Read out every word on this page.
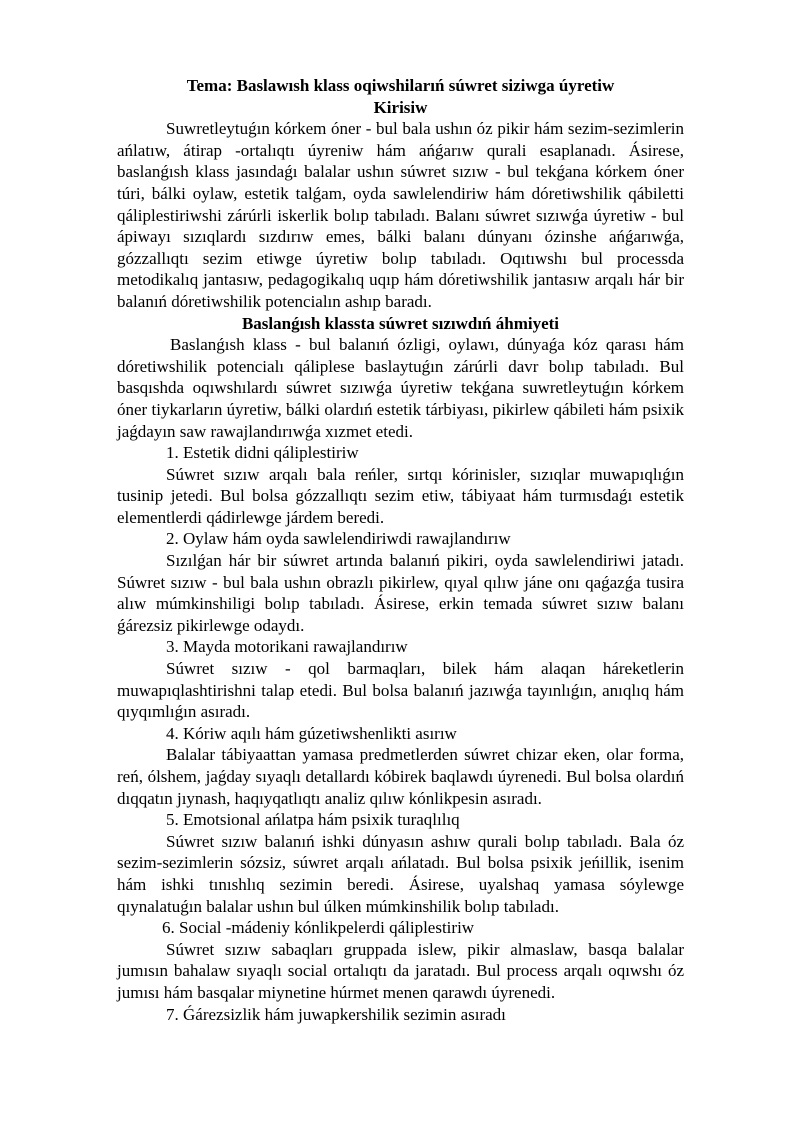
Tema: Baslawısh klass oqiwshilarıń súwret siziwga úyretiw
Kirisiw

Suwretleytuǵın kórkem óner - bul bala ushın óz pikir hám sezim-sezimlerin ańlatıw, átirap -ortalıqtı úyreniw hám ańǵarıw qurali esaplanadı. Ásirese, baslanǵısh klass jasındaǵı balalar ushın súwret sızıw - bul tekǵana kórkem óner túri, bálki oylaw, estetik talǵam, oyda sawlelendiriw hám dóretiwshilik qábiletti qáliplestiriwshi zárúrli iskerlik bolıp tabıladı. Balanı súwret sızıwǵa úyretiw - bul ápiwayı sızıqlardı sızdırıw emes, bálki balanı dúnyanı ózinshe ańǵarıwǵa, gózzallıqtı sezim etiwge úyretiw bolıp tabıladı. Oqıtıwshı bul processda metodikalıq jantasıw, pedagogikalıq uqıp hám dóretiwshilik jantasıw arqalı hár bir balanıń dóretiwshilik potencialın ashıp baradı.

Baslanǵısh klassta súwret sızıwdıń áhmiyeti

Baslanǵısh klass - bul balanıń ózligi, oylawı, dúnyaǵa kóz qarası hám dóretiwshilik potencialı qáliplese baslaytuǵın zárúrli davr bolıp tabıladı. Bul basqıshda oqıwshılardı súwret sızıwǵa úyretiw tekǵana suwretleytuǵın kórkem óner tiykarların úyretiw, bálki olardıń estetik tárbiyası, pikirlew qábileti hám psixik jaǵdayın saw rawajlandırıwǵa xızmet etedi.

1. Estetik didni qáliplestiriw

Súwret sızıw arqalı bala reńler, sırtqı kórinisler, sızıqlar muwapıqlıǵın tusinip jetedi. Bul bolsa gózzallıqtı sezim etiw, tábiyaat hám turmısdaǵı estetik elementlerdi qádirlewge járdem beredi.

2. Oylaw hám oyda sawlelendiriwdi rawajlandırıw

Sızılǵan hár bir súwret artında balanıń pikiri, oyda sawlelendiriwi jatadı. Súwret sızıw - bul bala ushın obrazlı pikirlew, qıyal qılıw jáne onı qaǵazǵa tusira alıw múmkinshiligi bolıp tabıladı. Ásirese, erkin temada súwret sızıw balanı ǵárezsiz pikirlewge odaydı.

3. Mayda motorikani rawajlandırıw

Súwret sızıw - qol barmaqları, bilek hám alaqan háreketlerin muwapıqlashtirishni talap etedi. Bul bolsa balanıń jazıwǵa tayınlıǵın, anıqlıq hám qıyqımlıǵın asıradı.

4. Kóriw aqılı hám gúzetiwshenlikti asırıw

Balalar tábiyaattan yamasa predmetlerden súwret chizar eken, olar forma, reń, ólshem, jaǵday sıyaqlı detallardı kóbirek baqlawdı úyrenedi. Bul bolsa olardıń dıqqatın jıynash, haqıyqatlıqtı analiz qılıw kónlikpesin asıradı.

5. Emotsional ańlatpa hám psixik turaqlılıq

Súwret sızıw balanıń ishki dúnyasın ashıw qurali bolıp tabıladı. Bala óz sezim-sezimlerin sózsiz, súwret arqalı ańlatadı. Bul bolsa psixik jeńillik, isenim hám ishki tınıshlıq sezimin beredi. Ásirese, uyalshaq yamasa sóylewge qıynalatuǵın balalar ushın bul úlken múmkinshilik bolıp tabıladı.

6. Social -mádeniy kónlikpelerdi qáliplestiriw

Súwret sızıw sabaqları gruppada islew, pikir almaslaw, basqa balalar jumısın bahalaw sıyaqlı social ortalıqtı da jaratadı. Bul process arqalı oqıwshı óz jumısı hám basqalar miynetine húrmet menen qarawdı úyrenedi.

7. Ǵárezsizlik hám juwapkershilik sezimin asıradı
